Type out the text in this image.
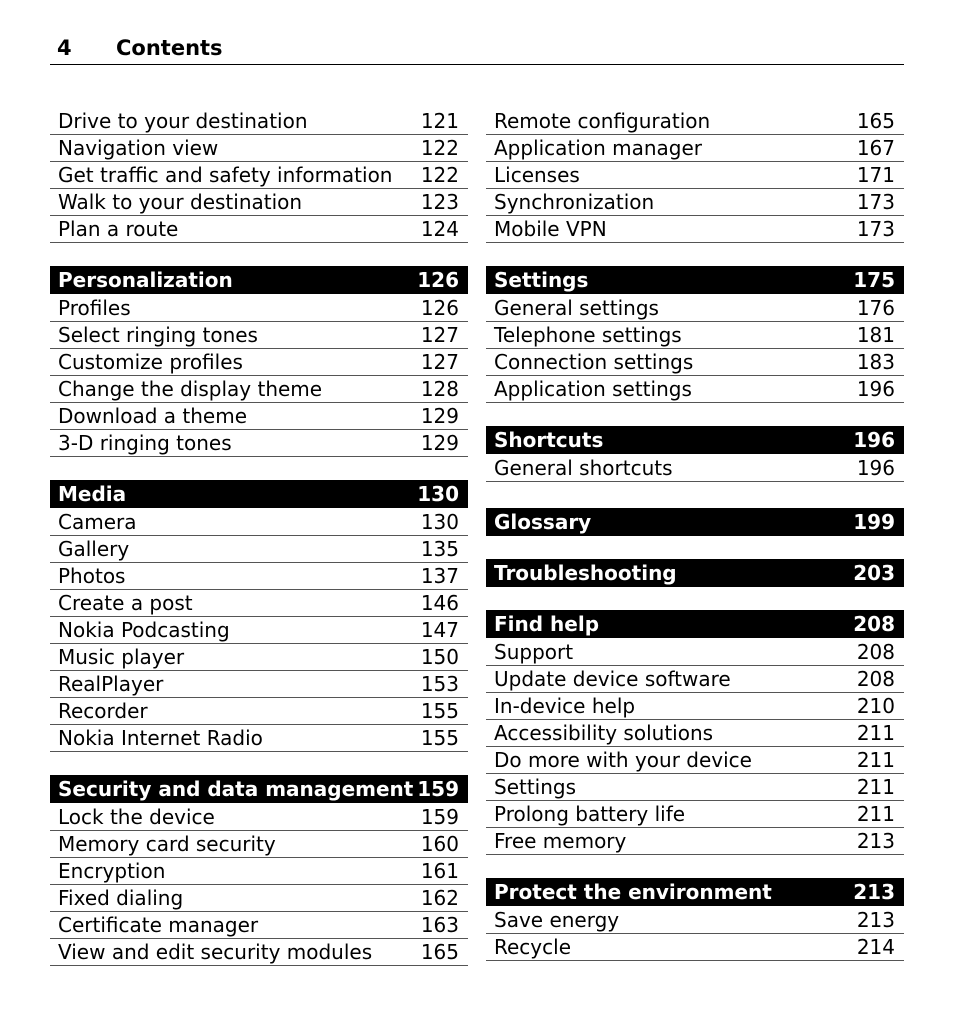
4 Contents
Drive to your destination	121
Navigation view	122
Get traffic and safety information 122
Walk to your destination	123
Plan a route	124
Personalization	126
Profiles	126
Select ringing tones	127
Customize profiles	127
Change the display theme	128
Download a theme	129
3-D ringing tones	129
Media	130
Camera	130
Gallery	135
Photos	137
Create a post	146
Nokia Podcasting	147
Music player	150
RealPlayer	153
Recorder	155
Nokia Internet Radio	155
Security and data management 159
Lock the device	159
Memory card security	160
Encryption	161
Fixed dialing	162
Certificate manager	163
View and edit security modules 165
Remote configuration	165
Application manager	167
Licenses	171
Synchronization	173
Mobile VPN	173
Settings	175
General settings	176
Telephone settings	181
Connection settings	183
Application settings	196
Shortcuts	196
General shortcuts	196
Glossary	199
Troubleshooting	203
Find help	208
Support	208
Update device software	208
In-device help	210
Accessibility solutions	211
Do more with your device	211
Settings	211
Prolong battery life	211
Free memory	213
Protect the environment	213
Save energy	213
Recycle	214
